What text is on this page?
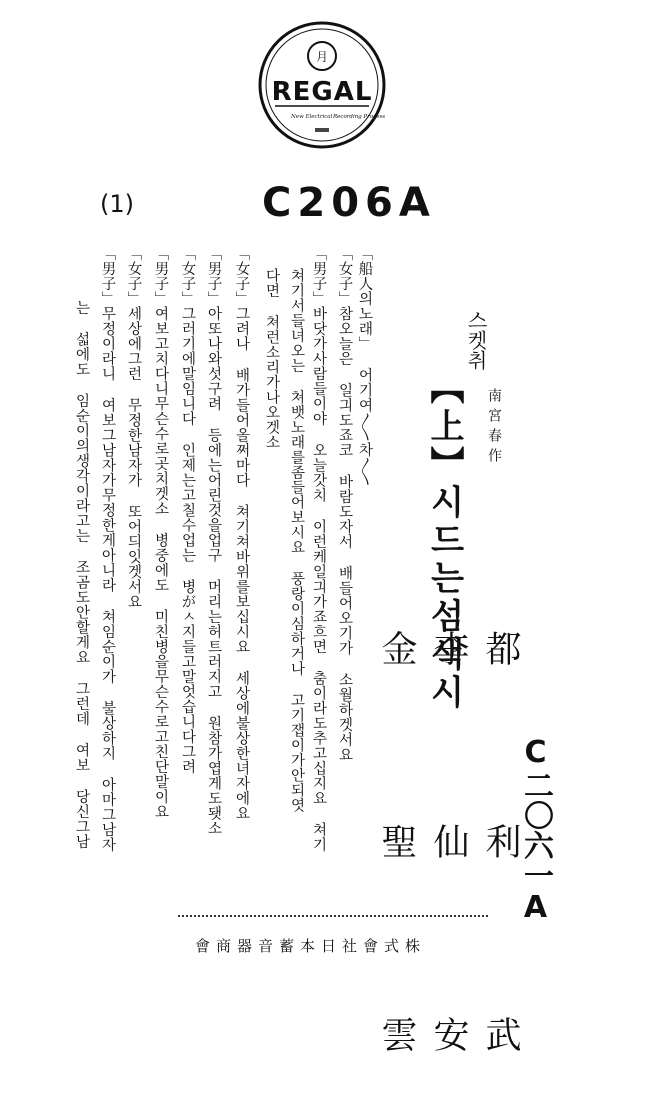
月
REGAL
New Electrical Recording Process
(1)	C206A
C二〇六一A
都 利 武
李 仙 安
金 聖 雲
스켓취
南宮春作
【上】시드는섬색시
「船人의노래」 어기여〱차〱
「女子」참오늘은 일긔도죠코 바람도자서 배들어오기가 소월하겟서요
「男子」바닷가사람들이야 오늘갓치 이런케일긔가죠흐면 춤이라도추고십지요 쳐기
쳐기서들녀오는 쳐뱃노래를좀들어보시요 풍랑이심하거나 고기잽이가안되엿
다면 쳐런소리가나오겟소
「女子」그려나 배가들어올쩌마다 쳐기쳐바위를보십시요 세상에불상한녀자에요
「男子」아또나와섯구려 등에는어린것을업구 머리는허트러지고 원참가엽게도됏소
「女子」그러기에말임니다 인제는고칠수업는 병がㅅ지들고말엇습니다그려
「男子」여보고치다니무슨수로곳치겟소 병중에도 미친병을무슨수로고친단말이요
「女子」세상에그런 무정한남자가 또어듸잇겟서요
「男子」무정이라니 여보그남자가무정한게아니라 쳐임순이가 불상하지 아마그남자
는 섧에도 임순이의생각이라고는 조곰도안할게요 그런데 여보 당신그남
會商器音蓄本日社會式株
